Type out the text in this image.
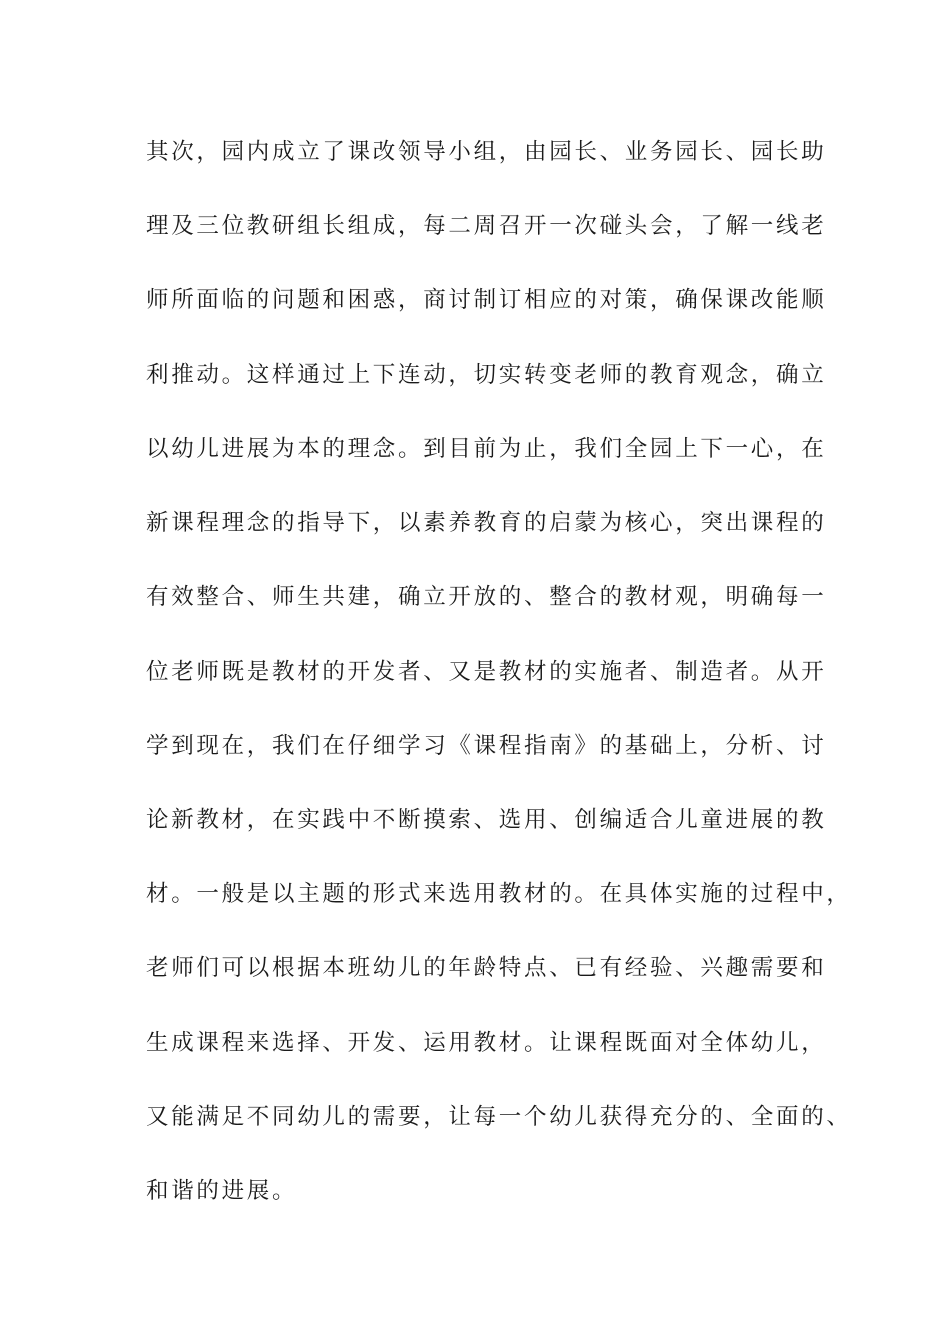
其次，园内成立了课改领导小组，由园长、业务园长、园长助
理及三位教研组长组成，每二周召开一次碰头会，了解一线老
师所面临的问题和困惑，商讨制订相应的对策，确保课改能顺
利推动。这样通过上下连动，切实转变老师的教育观念，确立
以幼儿进展为本的理念。到目前为止，我们全园上下一心，在
新课程理念的指导下，以素养教育的启蒙为核心，突出课程的
有效整合、师生共建，确立开放的、整合的教材观，明确每一
位老师既是教材的开发者、又是教材的实施者、制造者。从开
学到现在，我们在仔细学习《课程指南》的基础上，分析、讨
论新教材，在实践中不断摸索、选用、创编适合儿童进展的教
材。一般是以主题的形式来选用教材的。在具体实施的过程中，
老师们可以根据本班幼儿的年龄特点、已有经验、兴趣需要和
生成课程来选择、开发、运用教材。让课程既面对全体幼儿，
又能满足不同幼儿的需要，让每一个幼儿获得充分的、全面的、
和谐的进展。
